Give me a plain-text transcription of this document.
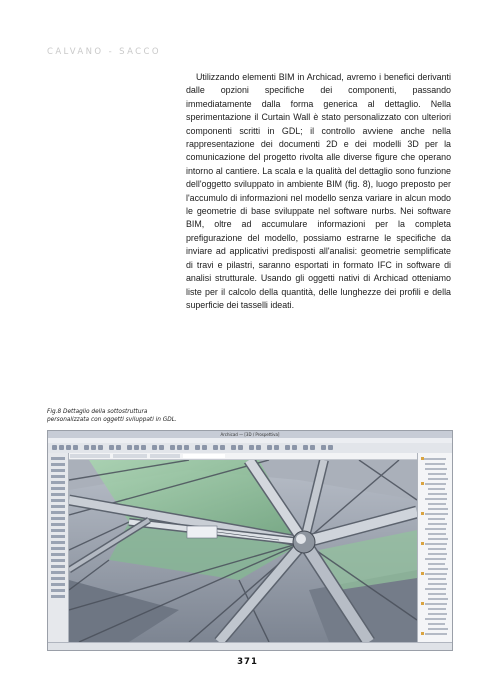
CALVANO - SACCO

Utilizzando elementi BIM in Archicad, avremo i benefici derivanti dalle opzioni specifiche dei componenti, passando immediatamente dalla forma generica al dettaglio. Nella sperimentazione il Curtain Wall è stato personalizzato con ulteriori componenti scritti in GDL; il controllo avviene anche nella rappresentazione dei documenti 2D e dei modelli 3D per la comunicazione del progetto rivolta alle diverse figure che operano intorno al cantiere. La scala e la qualità del dettaglio sono funzione dell'oggetto sviluppato in ambiente BIM (fig. 8), luogo preposto per l'accumulo di informazioni nel modello senza variare in alcun modo le geometrie di base sviluppate nel software nurbs. Nei software BIM, oltre ad accumulare informazioni per la completa prefigurazione del modello, possiamo estrarne le specifiche da inviare ad applicativi predisposti all'analisi: geometrie semplificate di travi e pilastri, saranno esportati in formato IFC in software di analisi strutturale. Usando gli oggetti nativi di Archicad otteniamo liste per il calcolo della quantità, delle lunghezze dei profili e della superficie dei tasselli ideati.

Fig.8 Dettaglio della sottostruttura personalizzata con oggetti sviluppati in GDL.

Archicad — [3D / Prospettiva]
371
